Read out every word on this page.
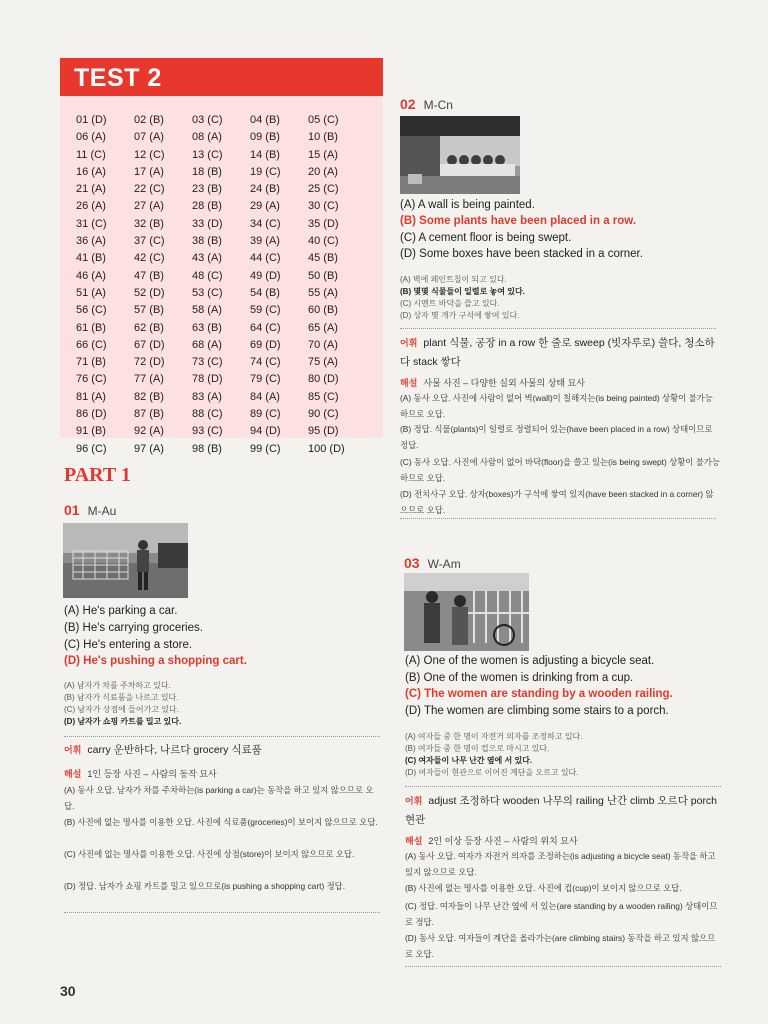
TEST 2
01 (D)	02 (B)	03 (C)	04 (B)	05 (C)
06 (A)	07 (A)	08 (A)	09 (B)	10 (B)
11 (C)	12 (C)	13 (C)	14 (B)	15 (A)
16 (A)	17 (A)	18 (B)	19 (C)	20 (A)
21 (A)	22 (C)	23 (B)	24 (B)	25 (C)
26 (A)	27 (A)	28 (B)	29 (A)	30 (C)
31 (C)	32 (B)	33 (D)	34 (C)	35 (D)
36 (A)	37 (C)	38 (B)	39 (A)	40 (C)
41 (B)	42 (C)	43 (A)	44 (C)	45 (B)
46 (A)	47 (B)	48 (C)	49 (D)	50 (B)
51 (A)	52 (D)	53 (C)	54 (B)	55 (A)
56 (C)	57 (B)	58 (A)	59 (C)	60 (B)
61 (B)	62 (B)	63 (B)	64 (C)	65 (A)
66 (C)	67 (D)	68 (A)	69 (D)	70 (A)
71 (B)	72 (D)	73 (C)	74 (C)	75 (A)
76 (C)	77 (A)	78 (D)	79 (C)	80 (D)
81 (A)	82 (B)	83 (A)	84 (A)	85 (C)
86 (D)	87 (B)	88 (C)	89 (C)	90 (C)
91 (B)	92 (A)	93 (C)	94 (D)	95 (D)
96 (C)	97 (A)	98 (B)	99 (C)	100 (D)
PART 1
01 M-Au
(A) He's parking a car.
(B) He's carrying groceries.
(C) He's entering a store.
(D) He's pushing a shopping cart.
(A) 남자가 차를 주차하고 있다.
(B) 남자가 식료품을 나르고 있다.
(C) 남자가 상점에 들어가고 있다.
(D) 남자가 쇼핑 카트를 밀고 있다.
어휘 carry 운반하다, 나르다 grocery 식료품
해설 1인 등장 사진 – 사람의 동작 묘사
(A) 동사 오답. 남자가 차를 주차하는(is parking a car)는 동작을 하고 있지 않으므로 오답.
(B) 사진에 없는 명사를 이용한 오답. 사진에 식료품(groceries)이 보이지 않으므로 오답.
(C) 사진에 없는 명사를 이용한 오답. 사진에 상점(store)이 보이지 않으므로 오답.
(D) 정답. 남자가 쇼핑 카트를 밀고 있으므로(is pushing a shopping cart) 정답.
02 M-Cn
(A) A wall is being painted.
(B) Some plants have been placed in a row.
(C) A cement floor is being swept.
(D) Some boxes have been stacked in a corner.
(A) 벽에 페인트칠이 되고 있다.
(B) 몇몇 식물들이 일렬로 놓여 있다.
(C) 시멘트 바닥을 쓸고 있다.
(D) 상자 몇 개가 구석에 쌓여 있다.
어휘 plant 식물, 공장 in a row 한 줄로 sweep (빗자루로) 쓸다, 청소하다 stack 쌓다
해설 사물 사진 – 다양한 실외 사물의 상태 묘사
(A) 동사 오답. 사진에 사람이 없어 벽(wall)이 칠해지는(is being painted) 상황이 불가능하므로 오답.
(B) 정답. 식물(plants)이 일렬로 정렬되어 있는(have been placed in a row) 상태이므로 정답.
(C) 동사 오답. 사진에 사람이 없어 바닥(floor)을 쓸고 있는(is being swept) 상황이 불가능하므로 오답.
(D) 전치사구 오답. 상자(boxes)가 구석에 쌓여 있지(have been stacked in a corner) 않으므로 오답.
03 W-Am
(A) One of the women is adjusting a bicycle seat.
(B) One of the women is drinking from a cup.
(C) The women are standing by a wooden railing.
(D) The women are climbing some stairs to a porch.
(A) 여자들 중 한 명이 자전거 의자를 조정하고 있다.
(B) 여자들 중 한 명이 컵으로 마시고 있다.
(C) 여자들이 나무 난간 옆에 서 있다.
(D) 여자들이 현관으로 이어진 계단을 오르고 있다.
어휘 adjust 조정하다 wooden 나무의 railing 난간 climb 오르다 porch 현관
해설 2인 이상 등장 사진 – 사람의 위치 묘사
(A) 동사 오답. 여자가 자전거 의자를 조정하는(is adjusting a bicycle seat) 동작을 하고 있지 않으므로 오답.
(B) 사진에 없는 명사를 이용한 오답. 사진에 컵(cup)이 보이지 않으므로 오답.
(C) 정답. 여자들이 나무 난간 옆에 서 있는(are standing by a wooden railing) 상태이므로 정답.
(D) 동사 오답. 여자들이 계단을 올라가는(are climbing stairs) 동작을 하고 있지 않으므로 오답.
30
